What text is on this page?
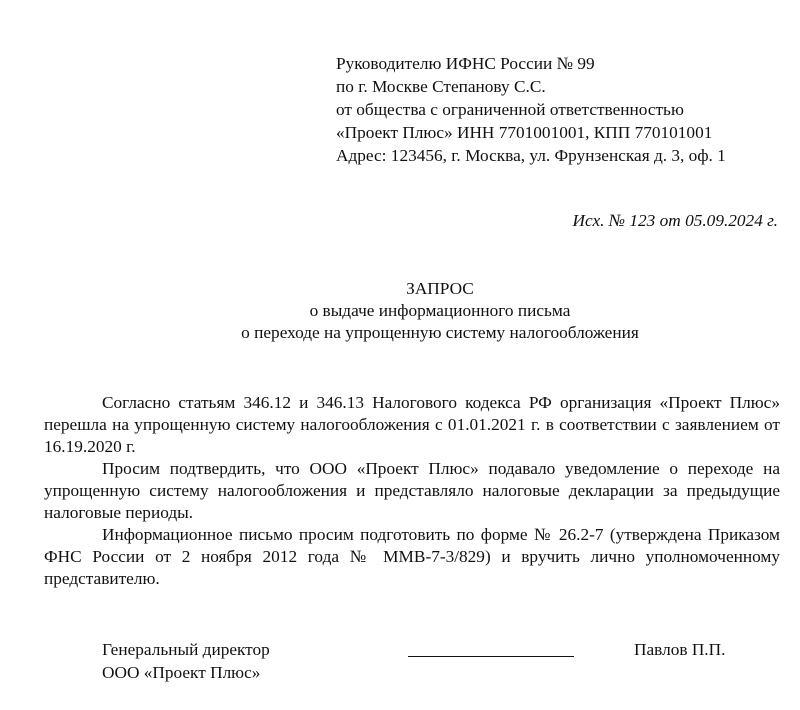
Руководителю ИФНС России № 99
по г. Москве Степанову С.С.
от общества с ограниченной ответственностью
«Проект Плюс» ИНН 7701001001, КПП 770101001
Адрес: 123456, г. Москва, ул. Фрунзенская д. 3, оф. 1
Исх. № 123 от 05.09.2024 г.
ЗАПРОС
о выдаче информационного письма
о переходе на упрощенную систему налогообложения

Согласно статьям 346.12 и 346.13 Налогового кодекса РФ организация «Проект Плюс» перешла на упрощенную систему налогообложения с 01.01.2021 г. в соответствии с заявлением от 16.19.2020 г.

Просим подтвердить, что ООО «Проект Плюс» подавало уведомление о переходе на упрощенную систему налогообложения и представляло налоговые декларации за предыдущие налоговые периоды.

Информационное письмо просим подготовить по форме № 26.2-7 (утверждена Приказом ФНС России от 2 ноября 2012 года № ММВ-7-3/829) и вручить лично уполномоченному представителю.

Генеральный директор
ООО «Проект Плюс»
Павлов П.П.
